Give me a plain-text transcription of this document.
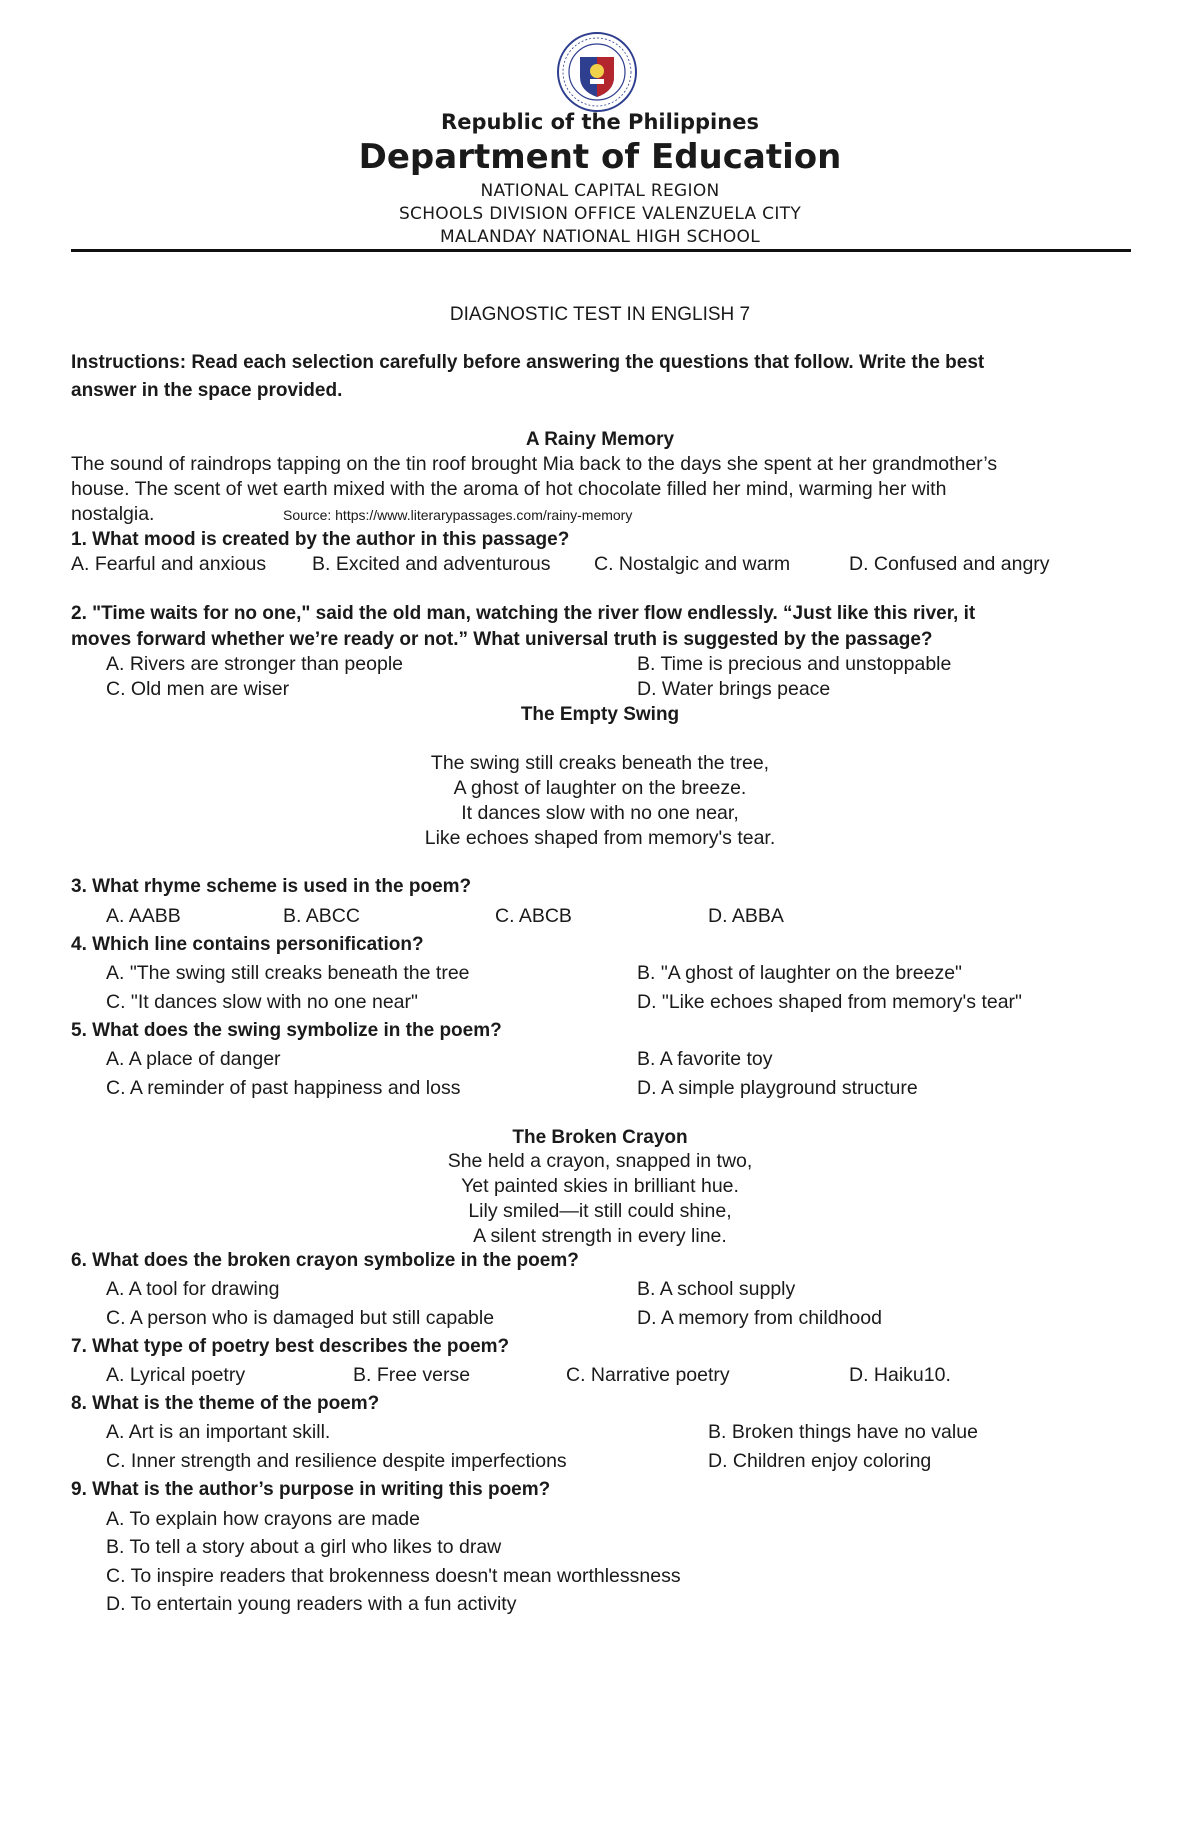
Republic of the Philippines
Department of Education
NATIONAL CAPITAL REGION
SCHOOLS DIVISION OFFICE VALENZUELA CITY
MALANDAY NATIONAL HIGH SCHOOL
DIAGNOSTIC TEST IN ENGLISH 7
Instructions: Read each selection carefully before answering the questions that follow. Write the best
answer in the space provided.
A Rainy Memory
The sound of raindrops tapping on the tin roof brought Mia back to the days she spent at her grandmother’s
house. The scent of wet earth mixed with the aroma of hot chocolate filled her mind, warming her with
nostalgia.	Source: https://www.literarypassages.com/rainy-memory
1. What mood is created by the author in this passage?
A. Fearful and anxious B. Excited and adventurous C. Nostalgic and warm	D. Confused and angry
2. "Time waits for no one," said the old man, watching the river flow endlessly. “Just like this river, it
moves forward whether we’re ready or not.” What universal truth is suggested by the passage?
A. Rivers are stronger than people	B. Time is precious and unstoppable
C. Old men are wiser	D. Water brings peace
The Empty Swing
The swing still creaks beneath the tree,
A ghost of laughter on the breeze.
It dances slow with no one near,
Like echoes shaped from memory's tear.
3. What rhyme scheme is used in the poem?
A. AABB	B. ABCC	C. ABCB	D. ABBA
4. Which line contains personification?
A. "The swing still creaks beneath the tree	B. "A ghost of laughter on the breeze"
C. "It dances slow with no one near"	D. "Like echoes shaped from memory's tear"
5. What does the swing symbolize in the poem?
A. A place of danger	B. A favorite toy
C. A reminder of past happiness and loss	D. A simple playground structure
The Broken Crayon
She held a crayon, snapped in two,
Yet painted skies in brilliant hue.
Lily smiled—it still could shine,
A silent strength in every line.
6. What does the broken crayon symbolize in the poem?
A. A tool for drawing	B. A school supply
C. A person who is damaged but still capable	D. A memory from childhood
7. What type of poetry best describes the poem?
A. Lyrical poetry	B. Free verse	C. Narrative poetry	D. Haiku10.
8. What is the theme of the poem?
A. Art is an important skill.	B. Broken things have no value
C. Inner strength and resilience despite imperfections	D. Children enjoy coloring
9. What is the author’s purpose in writing this poem?
A. To explain how crayons are made
B. To tell a story about a girl who likes to draw
C. To inspire readers that brokenness doesn't mean worthlessness
D. To entertain young readers with a fun activity
